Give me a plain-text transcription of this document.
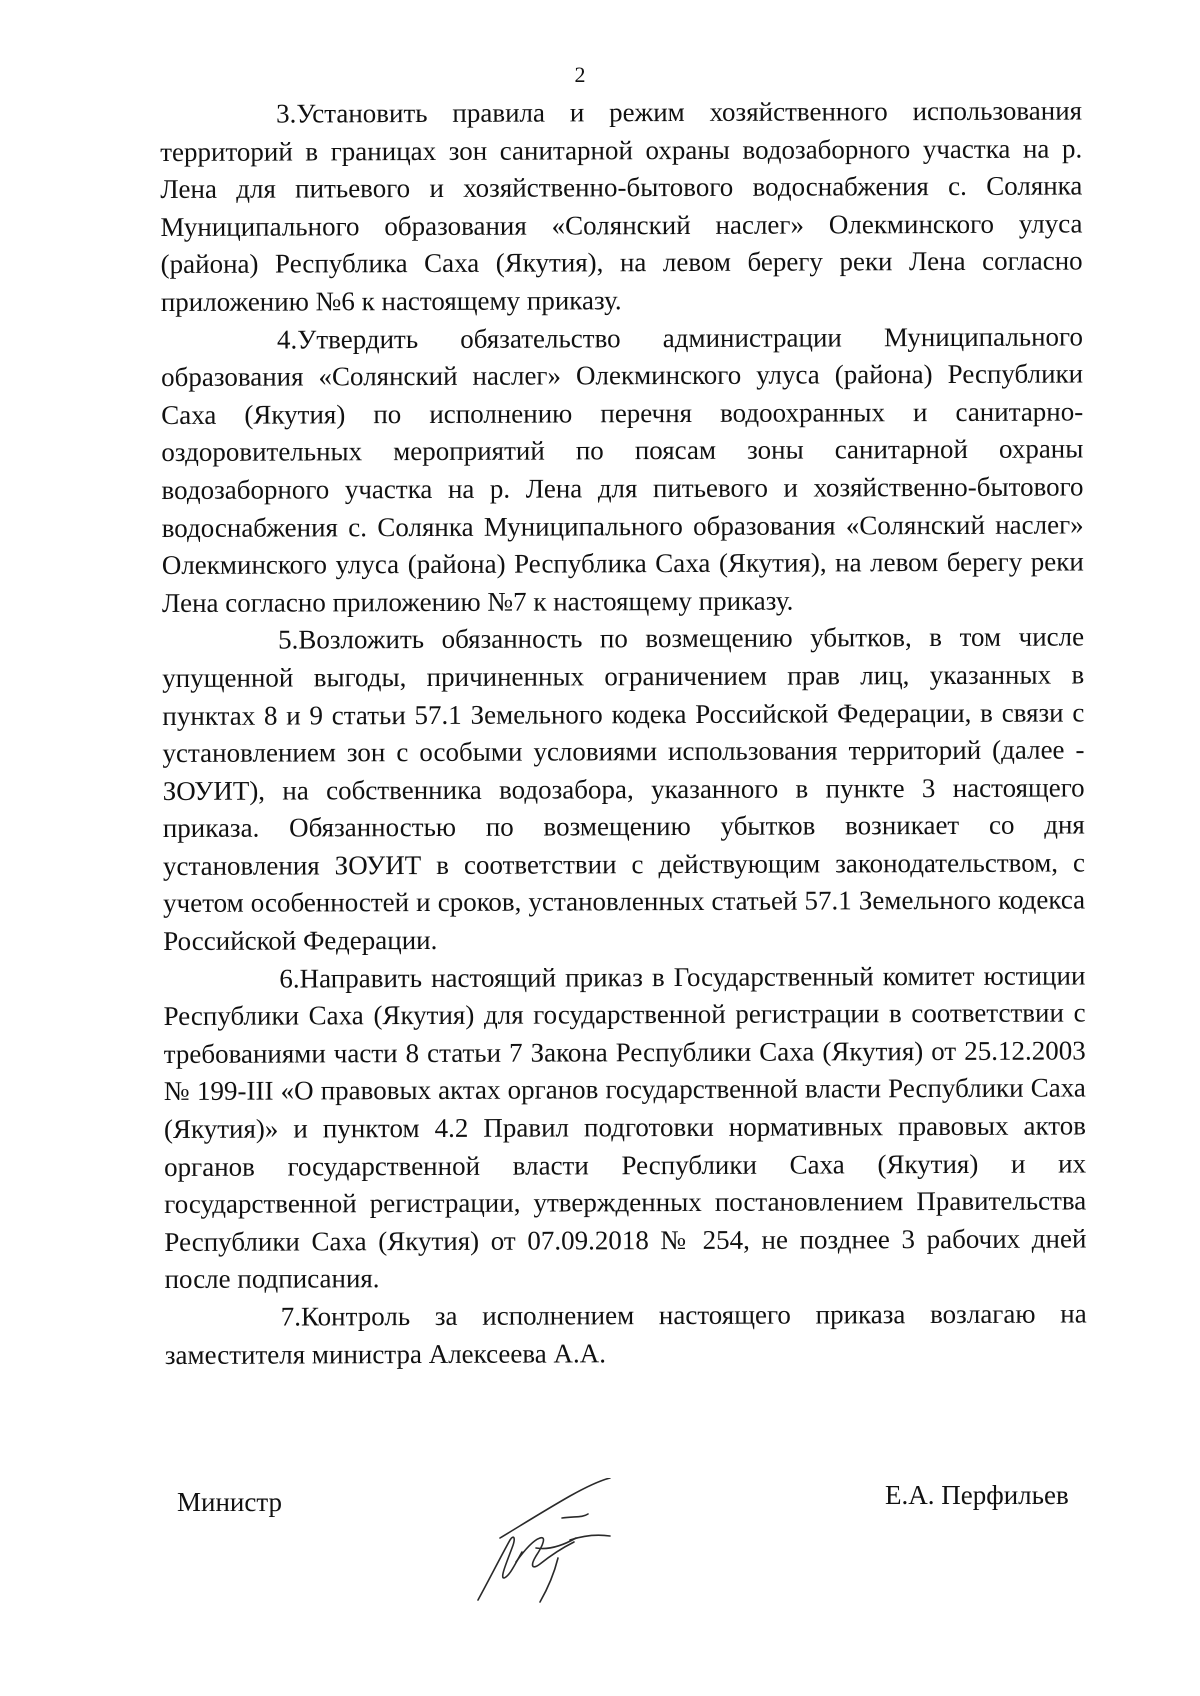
2

3.Установить правила и режим хозяйственного использования территорий в границах зон санитарной охраны водозаборного участка на р. Лена для питьевого и хозяйственно-бытового водоснабжения с. Солянка Муниципального образования «Солянский наслег» Олекминского улуса (района) Республика Саха (Якутия), на левом берегу реки Лена согласно приложению №6 к настоящему приказу.

4.Утвердить обязательство администрации Муниципального образования «Солянский наслег» Олекминского улуса (района) Республики Саха (Якутия) по исполнению перечня водоохранных и санитарно-оздоровительных мероприятий по поясам зоны санитарной охраны водозаборного участка на р. Лена для питьевого и хозяйственно-бытового водоснабжения с. Солянка Муниципального образования «Солянский наслег» Олекминского улуса (района) Республика Саха (Якутия), на левом берегу реки Лена согласно приложению №7 к настоящему приказу.

5.Возложить обязанность по возмещению убытков, в том числе упущенной выгоды, причиненных ограничением прав лиц, указанных в пунктах 8 и 9 статьи 57.1 Земельного кодека Российской Федерации, в связи с установлением зон с особыми условиями использования территорий (далее - ЗОУИТ), на собственника водозабора, указанного в пункте 3 настоящего приказа. Обязанностью по возмещению убытков возникает со дня установления ЗОУИТ в соответствии с действующим законодательством, с учетом особенностей и сроков, установленных статьей 57.1 Земельного кодекса Российской Федерации.

6.Направить настоящий приказ в Государственный комитет юстиции Республики Саха (Якутия) для государственной регистрации в соответствии с требованиями части 8 статьи 7 Закона Республики Саха (Якутия) от 25.12.2003 № 199-III «О правовых актах органов государственной власти Республики Саха (Якутия)» и пунктом 4.2 Правил подготовки нормативных правовых актов органов государственной власти Республики Саха (Якутия) и их государственной регистрации, утвержденных постановлением Правительства Республики Саха (Якутия) от 07.09.2018 № 254, не позднее 3 рабочих дней после подписания.

7.Контроль за исполнением настоящего приказа возлагаю на заместителя министра Алексеева А.А.

Министр	Е.А. Перфильев
